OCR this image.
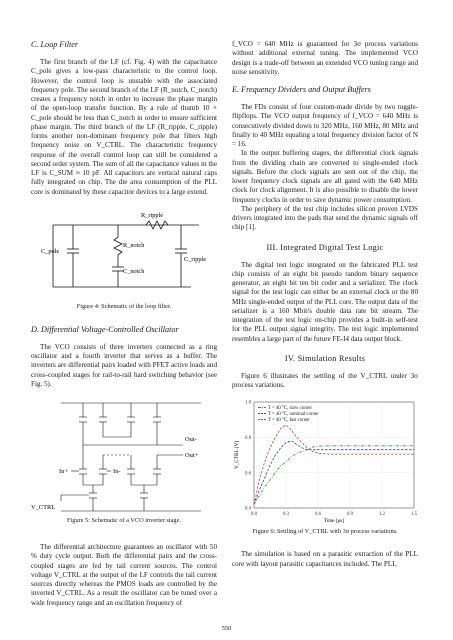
C. Loop Filter

The first branch of the LF (cf. Fig. 4) with the capacitance C_pole gives a low-pass characteristic to the control loop. However, the control loop is unstable with the associated frequency pole. The second branch of the LF (R_notch, C_notch) creates a frequency notch in order to increase the phase margin of the open-loop transfer function. By a rule of thumb 10 × C_pole should be less than C_notch in order to ensure sufficient phase margin. The third branch of the LF (R_ripple, C_ripple) forms another non-dominant frequency pole that filters high frequency noise on V_CTRL. The characteristic frequency response of the overall control loop can still be considered a second order system. The sum of all the capacitance values in the LF is C_SUM ≈ 10 pF. All capacitors are vertical natural caps fully integrated on chip. The die area consumption of the PLL core is dominated by these capacitor devices to a large extend.

R_ripple
C_pole
R_notch
C_notch
C_ripple

Figure 4: Schematic of the loop filter.

D. Differential Voltage-Controlled Oscillator

The VCO consists of three inverters connected as a ring oscillator and a fourth inverter that serves as a buffer. The inverters are differential pairs loaded with PFET active loads and cross-coupled stages for rail-to-rail hard switching behavior (see Fig. 5).

Out-
Out+
In+	In-
V_CTRL

Figure 5: Schematic of a VCO inverter stage.

The differential architecture guarantees an oscillator with 50 % duty cycle output. Both the differential pairs and the cross-coupled stages are fed by tail current sources. The control voltage V_CTRL at the output of the LF controls the tail current sources directly whereas the PMOS loads are controlled by the inverted V_CTRL. As a result the oscillator can be tuned over a wide frequency range and an oscillation frequency of

f_VCO = 640 MHz is guaranteed for 3σ process variations without additional external tuning. The implemented VCO design is a trade-off between an extended VCO tuning range and noise sensitivity.

E. Frequency Dividers and Output Buffers

The FDs consist of four custom-made divide by two toggle-flipflops. The VCO output frequency of f_VCO = 640 MHz is consecutively divided down to 320 MHz, 160 MHz, 80 MHz and finally to 40 MHz equaling a total frequency division factor of N = 16.

In the output buffering stages, the differential clock signals from the dividing chain are converted to single-ended clock signals. Before the clock signals are sent out of the chip, the lower frequency clock signals are all gated with the 640 MHz clock for clock alignment. It is also possible to disable the lower frequency clocks in order to save dynamic power consumption.

The periphery of the test chip includes silicon proven LVDS drivers integrated into the pads that send the dynamic signals off chip [1].

III. Integrated Digital Test Logic

The digital test logic integrated on the fabricated PLL test chip consists of an eight bit pseudo random binary sequence generator, an eight bit ten bit coder and a serializer. The clock signal for the test logic can either be an external clock or the 80 MHz single-ended output of the PLL core. The output data of the serializer is a 160 Mbit/s double data rate bit stream. The integration of the test logic on-chip provides a built-in self-test for the PLL output signal integrity. The test logic implemented resembles a large part of the future FE-I4 data output block.

IV. Simulation Results

Figure 6 illustrates the settling of the V_CTRL under 3σ process variations.

0.0	0.3	0.6	0.9	1.2	1.5
0.4
0.6
0.8
1.0
T = 40 °C, slow corner
T = 40 °C, nominal corner
T = 40 °C, fast corner
Time [μs]
V_CTRL [V]

Figure 6: Settling of V_CTRL with 3σ process variations.

The simulation is based on a parasitic extraction of the PLL core with layout parasitic capacitances included. The PLL

550
